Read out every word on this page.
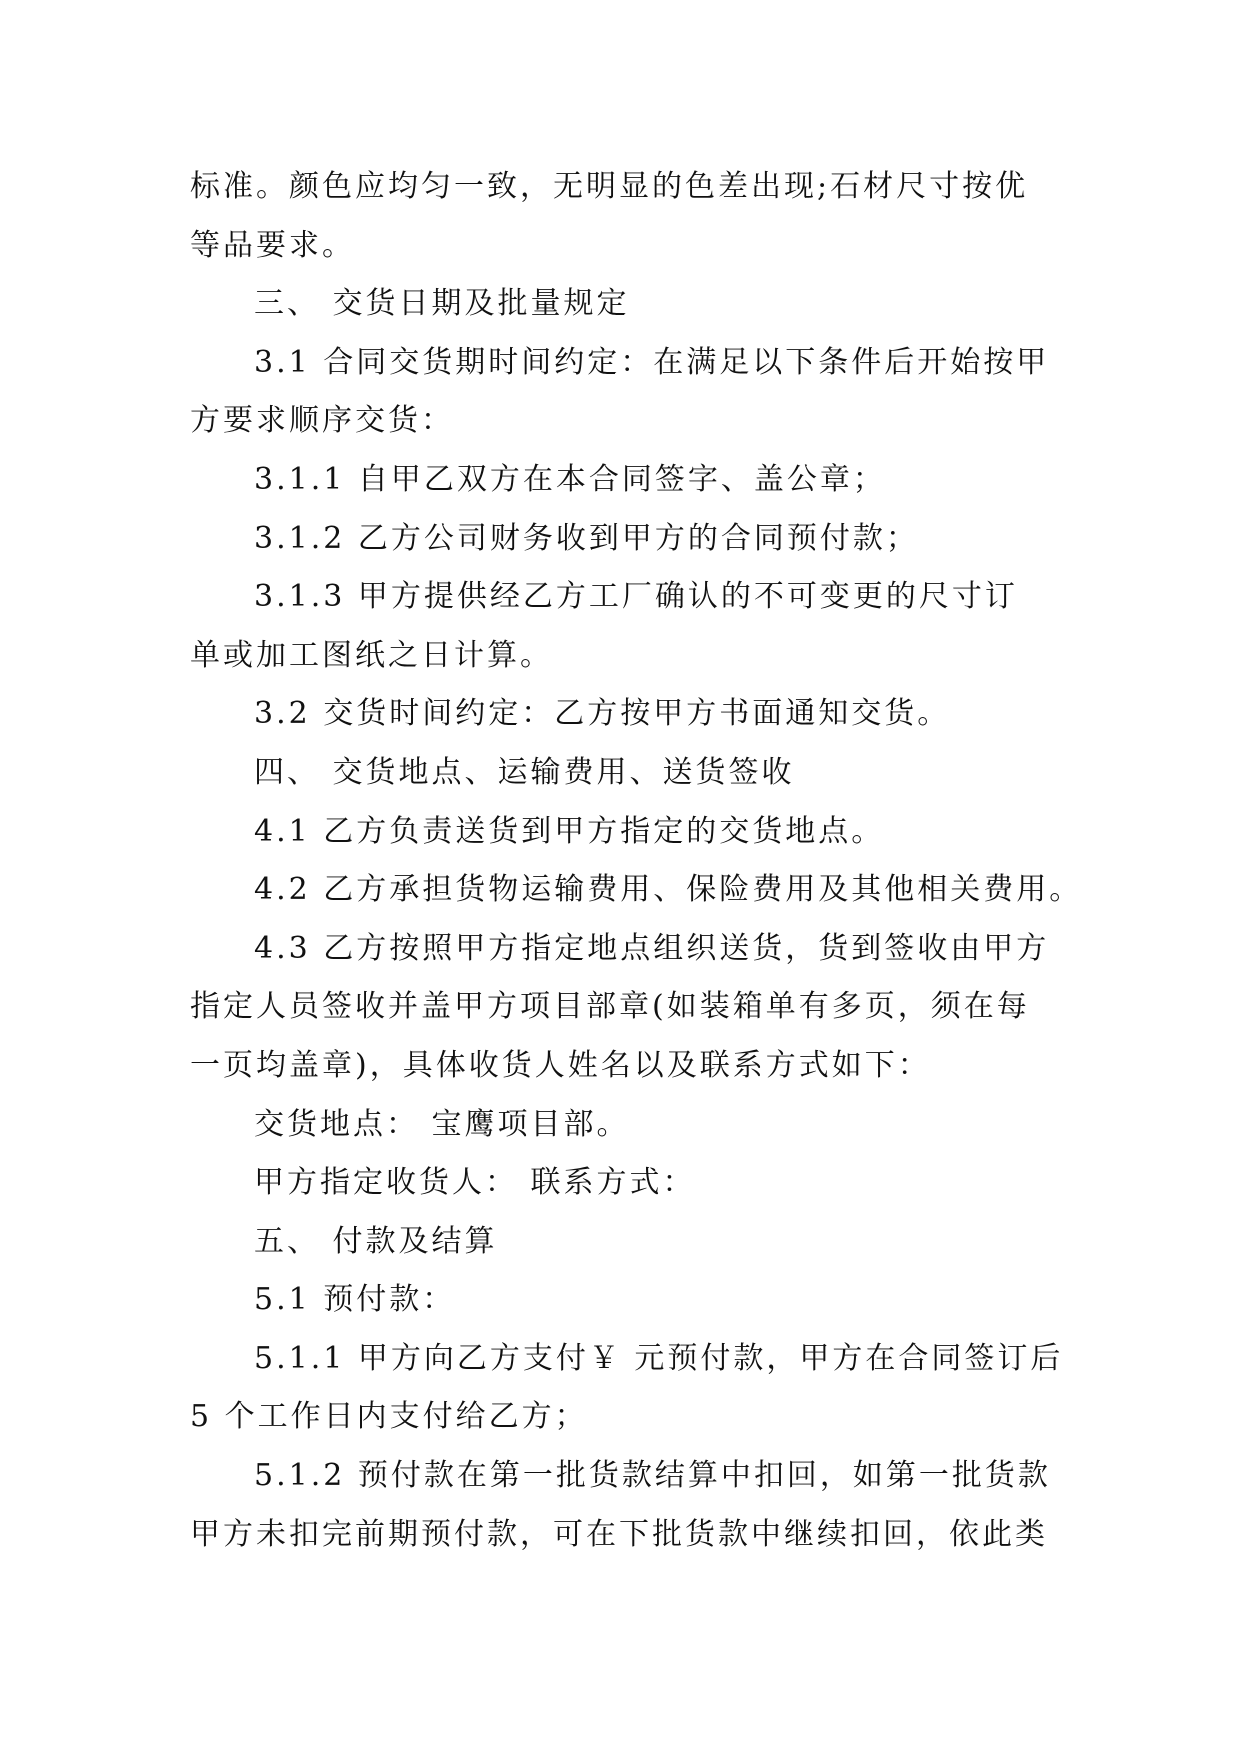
标准。颜色应均匀一致，无明显的色差出现;石材尺寸按优
等品要求。
三、 交货日期及批量规定
3.1 合同交货期时间约定：在满足以下条件后开始按甲
方要求顺序交货：
3.1.1 自甲乙双方在本合同签字、盖公章；
3.1.2 乙方公司财务收到甲方的合同预付款；
3.1.3 甲方提供经乙方工厂确认的不可变更的尺寸订
单或加工图纸之日计算。
3.2 交货时间约定：乙方按甲方书面通知交货。
四、 交货地点、运输费用、送货签收
4.1 乙方负责送货到甲方指定的交货地点。
4.2 乙方承担货物运输费用、保险费用及其他相关费用。
4.3 乙方按照甲方指定地点组织送货，货到签收由甲方
指定人员签收并盖甲方项目部章(如装箱单有多页，须在每
一页均盖章)，具体收货人姓名以及联系方式如下：
交货地点： 宝鹰项目部。
甲方指定收货人： 联系方式：
五、 付款及结算
5.1 预付款：
5.1.1 甲方向乙方支付￥ 元预付款，甲方在合同签订后
5 个工作日内支付给乙方；
5.1.2 预付款在第一批货款结算中扣回，如第一批货款
甲方未扣完前期预付款，可在下批货款中继续扣回，依此类
